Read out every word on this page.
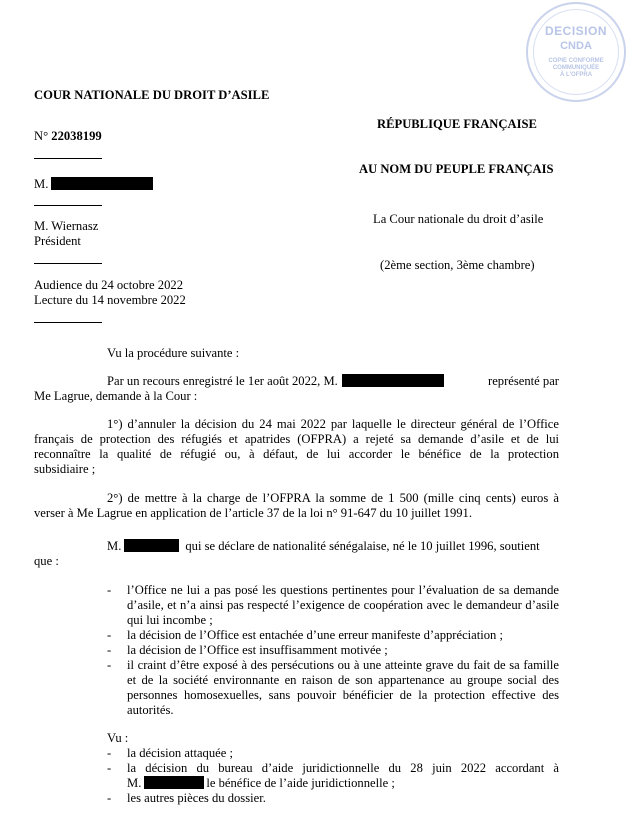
DECISION
CNDA
COPIE CONFORME
COMMUNIQUÉE
À L'OFPRA
COUR NATIONALE DU DROIT D’ASILE
N° 22038199
M.
M. Wiernasz
Président
Audience du 24 octobre 2022
Lecture du 14 novembre 2022
RÉPUBLIQUE FRANÇAISE
AU NOM DU PEUPLE FRANÇAIS
La Cour nationale du droit d’asile
(2ème section, 3ème chambre)
Vu la procédure suivante :
Par un recours enregistré le 1er août 2022, M.	représenté par
Me Lagrue, demande à la Cour :
1°) d’annuler la décision du 24 mai 2022 par laquelle le directeur général de l’Office
français de protection des réfugiés et apatrides (OFPRA) a rejeté sa demande d’asile et de lui
reconnaître la qualité de réfugié ou, à défaut, de lui accorder le bénéfice de la protection
subsidiaire ;
2°) de mettre à la charge de l’OFPRA la somme de 1 500 (mille cinq cents) euros à
verser à Me Lagrue en application de l’article 37 de la loi n° 91-647 du 10 juillet 1991.
M.	qui se déclare de nationalité sénégalaise, né le 10 juillet 1996, soutient
que :
- l’Office ne lui a pas posé les questions pertinentes pour l’évaluation de sa demande
d’asile, et n’a ainsi pas respecté l’exigence de coopération avec le demandeur d’asile
qui lui incombe ;
- la décision de l’Office est entachée d’une erreur manifeste d’appréciation ;
- la décision de l’Office est insuffisamment motivée ;
- il craint d’être exposé à des persécutions ou à une atteinte grave du fait de sa famille
et de la société environnante en raison de son appartenance au groupe social des
personnes homosexuelles, sans pouvoir bénéficier de la protection effective des
autorités.
Vu :
- la décision attaquée ;
- la décision du bureau d’aide juridictionnelle du 28 juin 2022 accordant à
M.	le bénéfice de l’aide juridictionnelle ;
- les autres pièces du dossier.
